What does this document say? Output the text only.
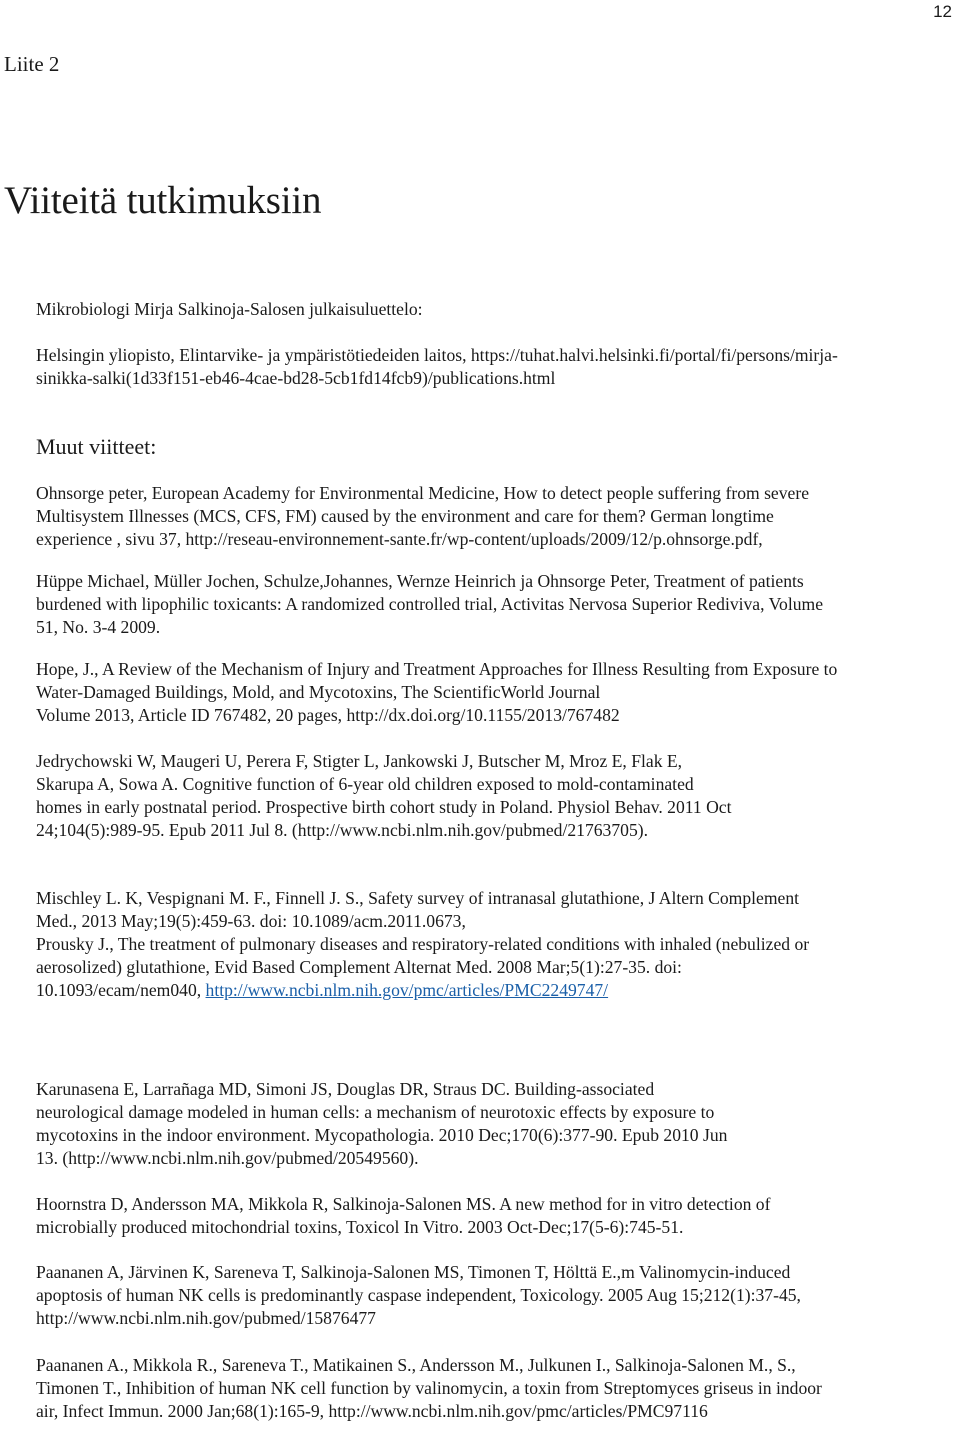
12
Liite 2
Viiteitä tutkimuksiin

Mikrobiologi Mirja Salkinoja-Salosen julkaisuluettelo:

Helsingin yliopisto, Elintarvike- ja ympäristötiedeiden laitos, https://tuhat.halvi.helsinki.fi/portal/fi/persons/mirja-
sinikka-salki(1d33f151-eb46-4cae-bd28-5cb1fd14fcb9)/publications.html

Muut viitteet:

Ohnsorge peter, European Academy for Environmental Medicine, How to detect people suffering from severe
Multisystem Illnesses (MCS, CFS, FM) caused by the environment and care for them? German longtime
experience , sivu 37, http://reseau-environnement-sante.fr/wp-content/uploads/2009/12/p.ohnsorge.pdf,

Hüppe Michael, Müller Jochen, Schulze,Johannes, Wernze Heinrich ja Ohnsorge Peter, Treatment of patients
burdened with lipophilic toxicants: A randomized controlled trial, Activitas Nervosa Superior Rediviva, Volume
51, No. 3-4 2009.

Hope, J., A Review of the Mechanism of Injury and Treatment Approaches for Illness Resulting from Exposure to
Water-Damaged Buildings, Mold, and Mycotoxins, The ScientificWorld Journal
Volume 2013, Article ID 767482, 20 pages, http://dx.doi.org/10.1155/2013/767482

Jedrychowski W, Maugeri U, Perera F, Stigter L, Jankowski J, Butscher M, Mroz E, Flak E,
Skarupa A, Sowa A. Cognitive function of 6-year old children exposed to mold-contaminated
homes in early postnatal period. Prospective birth cohort study in Poland. Physiol Behav. 2011 Oct
24;104(5):989-95. Epub 2011 Jul 8. (http://www.ncbi.nlm.nih.gov/pubmed/21763705).

Mischley L. K, Vespignani M. F., Finnell J. S., Safety survey of intranasal glutathione, J Altern Complement
Med., 2013 May;19(5):459-63. doi: 10.1089/acm.2011.0673,

Prousky J., The treatment of pulmonary diseases and respiratory-related conditions with inhaled (nebulized or
aerosolized) glutathione, Evid Based Complement Alternat Med. 2008 Mar;5(1):27-35. doi:
10.1093/ecam/nem040, http://www.ncbi.nlm.nih.gov/pmc/articles/PMC2249747/

Karunasena E, Larrañaga MD, Simoni JS, Douglas DR, Straus DC. Building-associated
neurological damage modeled in human cells: a mechanism of neurotoxic effects by exposure to
mycotoxins in the indoor environment. Mycopathologia. 2010 Dec;170(6):377-90. Epub 2010 Jun
13. (http://www.ncbi.nlm.nih.gov/pubmed/20549560).

Hoornstra D, Andersson MA, Mikkola R, Salkinoja-Salonen MS. A new method for in vitro detection of
microbially produced mitochondrial toxins, Toxicol In Vitro. 2003 Oct-Dec;17(5-6):745-51.

Paananen A, Järvinen K, Sareneva T, Salkinoja-Salonen MS, Timonen T, Hölttä E.,m Valinomycin-induced
apoptosis of human NK cells is predominantly caspase independent, Toxicology. 2005 Aug 15;212(1):37-45,
http://www.ncbi.nlm.nih.gov/pubmed/15876477

Paananen A., Mikkola R., Sareneva T., Matikainen S., Andersson M., Julkunen I., Salkinoja-Salonen M., S.,
Timonen T., Inhibition of human NK cell function by valinomycin, a toxin from Streptomyces griseus in indoor
air, Infect Immun. 2000 Jan;68(1):165-9, http://www.ncbi.nlm.nih.gov/pmc/articles/PMC97116
